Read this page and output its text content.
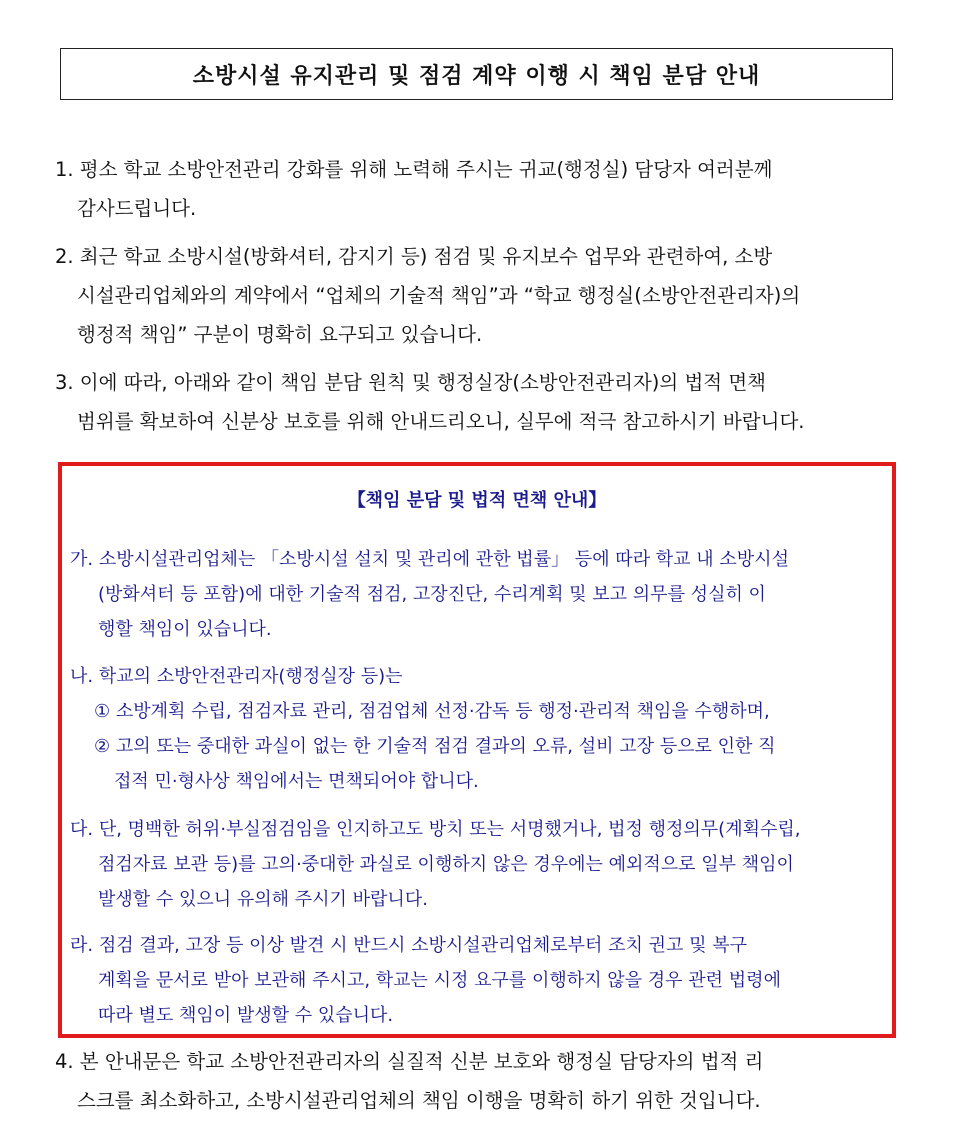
소방시설 유지관리 및 점검 계약 이행 시 책임 분담 안내
1. 평소 학교 소방안전관리 강화를 위해 노력해 주시는 귀교(행정실) 담당자 여러분께
감사드립니다.
2. 최근 학교 소방시설(방화셔터, 감지기 등) 점검 및 유지보수 업무와 관련하여, 소방
시설관리업체와의 계약에서 “업체의 기술적 책임”과 “학교 행정실(소방안전관리자)의
행정적 책임” 구분이 명확히 요구되고 있습니다.
3. 이에 따라, 아래와 같이 책임 분담 원칙 및 행정실장(소방안전관리자)의 법적 면책
범위를 확보하여 신분상 보호를 위해 안내드리오니, 실무에 적극 참고하시기 바랍니다.
【책임 분담 및 법적 면책 안내】
가. 소방시설관리업체는 「소방시설 설치 및 관리에 관한 법률」 등에 따라 학교 내 소방시설
(방화셔터 등 포함)에 대한 기술적 점검, 고장진단, 수리계획 및 보고 의무를 성실히 이
행할 책임이 있습니다.
나. 학교의 소방안전관리자(행정실장 등)는
① 소방계획 수립, 점검자료 관리, 점검업체 선정·감독 등 행정·관리적 책임을 수행하며,
② 고의 또는 중대한 과실이 없는 한 기술적 점검 결과의 오류, 설비 고장 등으로 인한 직
접적 민·형사상 책임에서는 면책되어야 합니다.
다. 단, 명백한 허위·부실점검임을 인지하고도 방치 또는 서명했거나, 법정 행정의무(계획수립,
점검자료 보관 등)를 고의·중대한 과실로 이행하지 않은 경우에는 예외적으로 일부 책임이
발생할 수 있으니 유의해 주시기 바랍니다.
라. 점검 결과, 고장 등 이상 발견 시 반드시 소방시설관리업체로부터 조치 권고 및 복구
계획을 문서로 받아 보관해 주시고, 학교는 시정 요구를 이행하지 않을 경우 관련 법령에
따라 별도 책임이 발생할 수 있습니다.
4. 본 안내문은 학교 소방안전관리자의 실질적 신분 보호와 행정실 담당자의 법적 리
스크를 최소화하고, 소방시설관리업체의 책임 이행을 명확히 하기 위한 것입니다.
